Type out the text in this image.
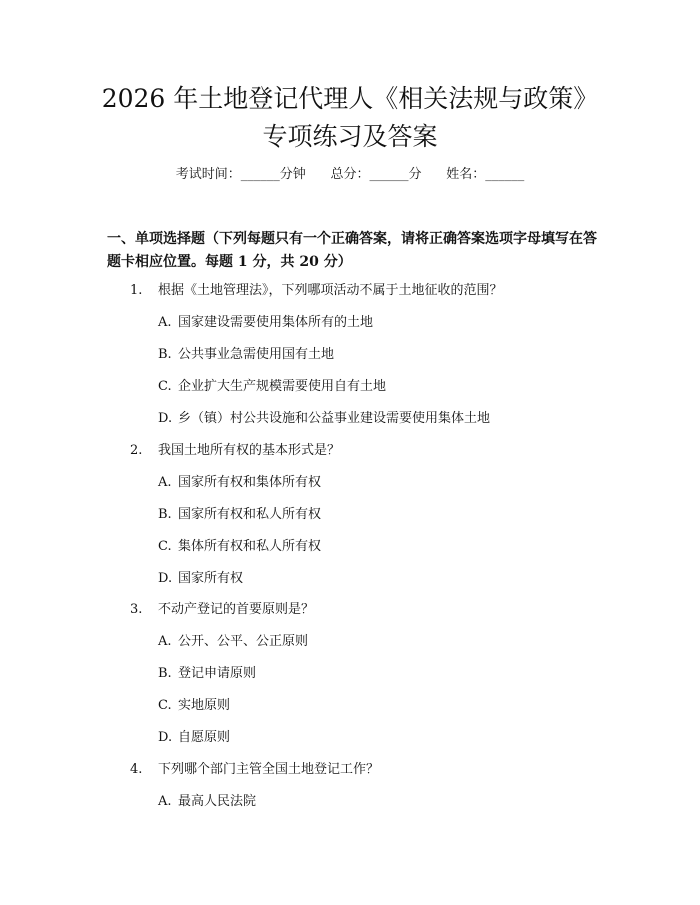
2026 年土地登记代理人《相关法规与政策》
专项练习及答案
考试时间：______分钟      总分：______分      姓名：______

一、单项选择题（下列每题只有一个正确答案，请将正确答案选项字母填写在答题卡相应位置。每题 1 分，共 20 分）

1. 根据《土地管理法》，下列哪项活动不属于土地征收的范围？
A. 国家建设需要使用集体所有的土地
B. 公共事业急需使用国有土地
C. 企业扩大生产规模需要使用自有土地
D. 乡（镇）村公共设施和公益事业建设需要使用集体土地
2. 我国土地所有权的基本形式是？
A. 国家所有权和集体所有权
B. 国家所有权和私人所有权
C. 集体所有权和私人所有权
D. 国家所有权
3. 不动产登记的首要原则是？
A. 公开、公平、公正原则
B. 登记申请原则
C. 实地原则
D. 自愿原则
4. 下列哪个部门主管全国土地登记工作？
A. 最高人民法院
